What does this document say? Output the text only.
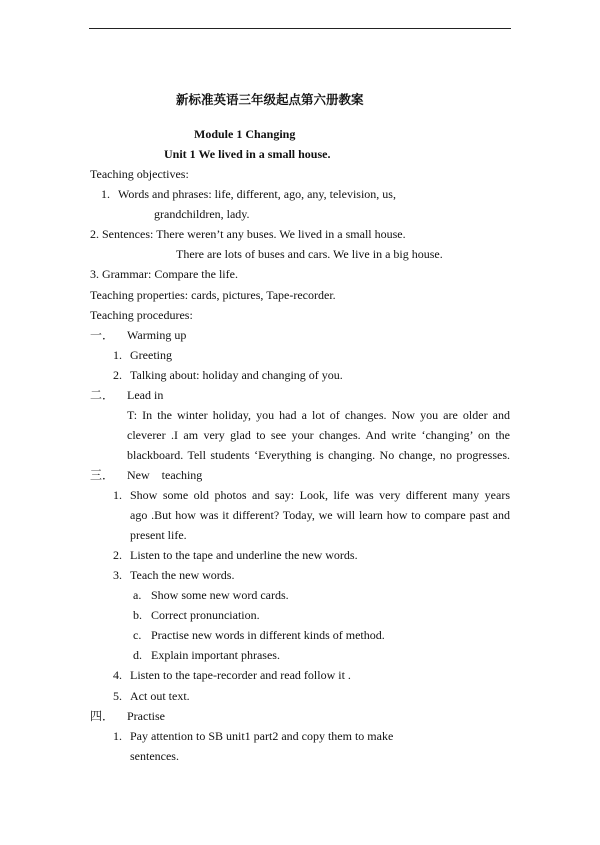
新标准英语三年级起点第六册教案
Module 1 Changing
Unit 1 We lived in a small house.
Teaching objectives:
1. Words and phrases: life, different, ago, any, television, us,
grandchildren, lady.
2. Sentences: There weren’t any buses. We lived in a small house.
There are lots of buses and cars. We live in a big house.
3. Grammar: Compare the life.
Teaching properties: cards, pictures, Tape-recorder.
Teaching procedures:
一． Warming up
1. Greeting
2. Talking about: holiday and changing of you.
二． Lead in
T: In the winter holiday, you had a lot of changes. Now you are older and
cleverer .I am very glad to see your changes. And write ‘changing’ on the
blackboard. Tell students ‘Everything is changing. No change, no progresses.
三． New    teaching
1. Show some old photos and say: Look, life was very different many years
ago .But how was it different? Today, we will learn how to compare past and
present life.
2. Listen to the tape and underline the new words.
3. Teach the new words.
a. Show some new word cards.
b. Correct pronunciation.
c. Practise new words in different kinds of method.
d. Explain important phrases.
4. Listen to the tape-recorder and read follow it .
5. Act out text.
四． Practise
1. Pay attention to SB unit1 part2 and copy them to make
sentences.
